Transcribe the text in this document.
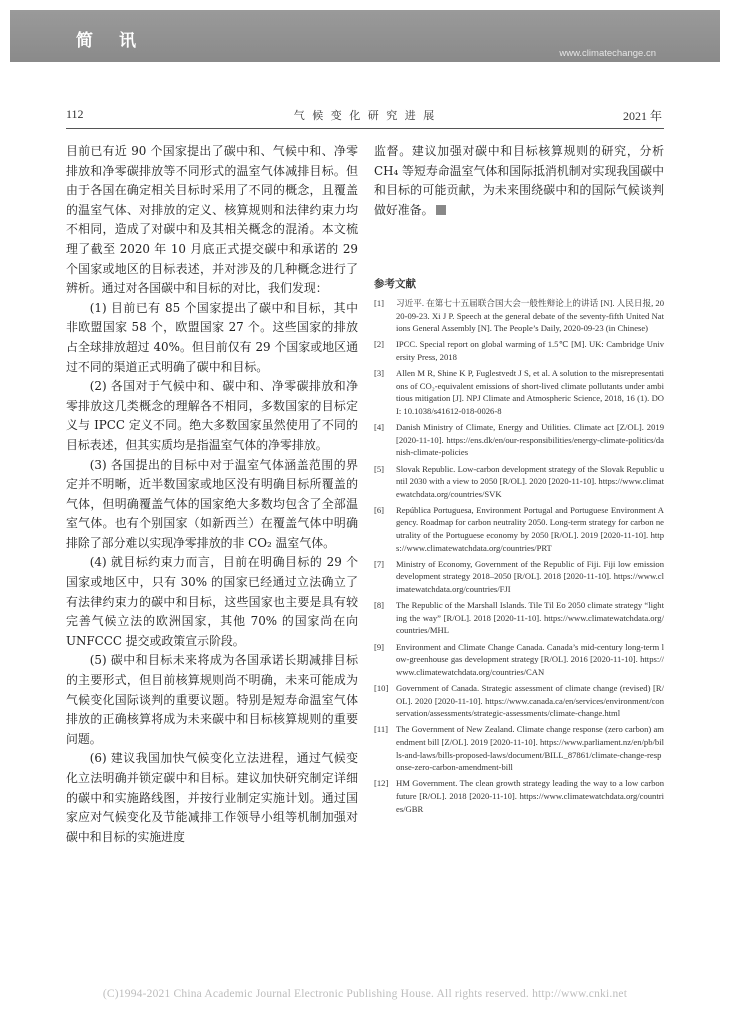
简讯
www.climatechange.cn
112	气 候 变 化 研 究 进 展	2021 年

目前已有近 90 个国家提出了碳中和、气候中和、净零排放和净零碳排放等不同形式的温室气体减排目标。但由于各国在确定相关目标时采用了不同的概念，且覆盖的温室气体、对排放的定义、核算规则和法律约束力均不相同，造成了对碳中和及其相关概念的混淆。本文梳理了截至 2020 年 10 月底正式提交碳中和承诺的 29 个国家或地区的目标表述，并对涉及的几种概念进行了辨析。通过对各国碳中和目标的对比，我们发现：

(1) 目前已有 85 个国家提出了碳中和目标，其中非欧盟国家 58 个，欧盟国家 27 个。这些国家的排放占全球排放超过 40%。但目前仅有 29 个国家或地区通过不同的渠道正式明确了碳中和目标。

(2) 各国对于气候中和、碳中和、净零碳排放和净零排放这几类概念的理解各不相同，多数国家的目标定义与 IPCC 定义不同。绝大多数国家虽然使用了不同的目标表述，但其实质均是指温室气体的净零排放。

(3) 各国提出的目标中对于温室气体涵盖范围的界定并不明晰，近半数国家或地区没有明确目标所覆盖的气体，但明确覆盖气体的国家绝大多数均包含了全部温室气体。也有个别国家（如新西兰）在覆盖气体中明确排除了部分难以实现净零排放的非 CO₂ 温室气体。

(4) 就目标约束力而言，目前在明确目标的 29 个国家或地区中，只有 30% 的国家已经通过立法确立了有法律约束力的碳中和目标，这些国家也主要是具有较完善气候立法的欧洲国家，其他 70% 的国家尚在向 UNFCCC 提交或政策宣示阶段。

(5) 碳中和目标未来将成为各国承诺长期减排目标的主要形式，但目前核算规则尚不明确，未来可能成为气候变化国际谈判的重要议题。特别是短寿命温室气体排放的正确核算将成为未来碳中和目标核算规则的重要问题。

(6) 建议我国加快气候变化立法进程，通过气候变化立法明确并锁定碳中和目标。建议加快研究制定详细的碳中和实施路线图，并按行业制定实施计划。通过国家应对气候变化及节能减排工作领导小组等机制加强对碳中和目标的实施进度

监督。建议加强对碳中和目标核算规则的研究，分析 CH₄ 等短寿命温室气体和国际抵消机制对实现我国碳中和目标的可能贡献，为未来围绕碳中和的国际气候谈判做好准备。

参考文献
[1]	习近平. 在第七十五届联合国大会一般性辩论上的讲话 [N]. 人民日报, 2020-09-23. Xi J P. Speech at the general debate of the seventy-fifth United Nations General Assembly [N]. The People’s Daily, 2020-09-23 (in Chinese)
[2]	IPCC. Special report on global warming of 1.5℃ [M]. UK: Cambridge University Press, 2018
[3]	Allen M R, Shine K P, Fuglestvedt J S, et al. A solution to the misrepresentations of CO₂-equivalent emissions of short-lived climate pollutants under ambitious mitigation [J]. NPJ Climate and Atmospheric Science, 2018, 16 (1). DOI: 10.1038/s41612-018-0026-8
[4]	Danish Ministry of Climate, Energy and Utilities. Climate act [Z/OL]. 2019 [2020-11-10]. https://ens.dk/en/our-responsibilities/energy-climate-politics/danish-climate-policies
[5]	Slovak Republic. Low-carbon development strategy of the Slovak Republic until 2030 with a view to 2050 [R/OL]. 2020 [2020-11-10]. https://www.climatewatchdata.org/countries/SVK
[6]	República Portuguesa, Environment Portugal and Portuguese Environment Agency. Roadmap for carbon neutrality 2050. Long-term strategy for carbon neutrality of the Portuguese economy by 2050 [R/OL]. 2019 [2020-11-10]. https://www.climatewatchdata.org/countries/PRT
[7]	Ministry of Economy, Government of the Republic of Fiji. Fiji low emission development strategy 2018–2050 [R/OL]. 2018 [2020-11-10]. https://www.climatewatchdata.org/countries/FJI
[8]	The Republic of the Marshall Islands. Tile Til Eo 2050 climate strategy “lighting the way” [R/OL]. 2018 [2020-11-10]. https://www.climatewatchdata.org/countries/MHL
[9]	Environment and Climate Change Canada. Canada’s mid-century long-term low-greenhouse gas development strategy [R/OL]. 2016 [2020-11-10]. https://www.climatewatchdata.org/countries/CAN
[10] Government of Canada. Strategic assessment of climate change (revised) [R/OL]. 2020 [2020-11-10]. https://www.canada.ca/en/services/environment/conservation/assessments/strategic-assessments/climate-change.html
[11] The Government of New Zealand. Climate change response (zero carbon) amendment bill [Z/OL]. 2019 [2020-11-10]. https://www.parliament.nz/en/pb/bills-and-laws/bills-proposed-laws/document/BILL_87861/climate-change-response-zero-carbon-amendment-bill
[12] HM Government. The clean growth strategy leading the way to a low carbon future [R/OL]. 2018 [2020-11-10]. https://www.climatewatchdata.org/countries/GBR
(C)1994-2021 China Academic Journal Electronic Publishing House. All rights reserved. http://www.cnki.net
